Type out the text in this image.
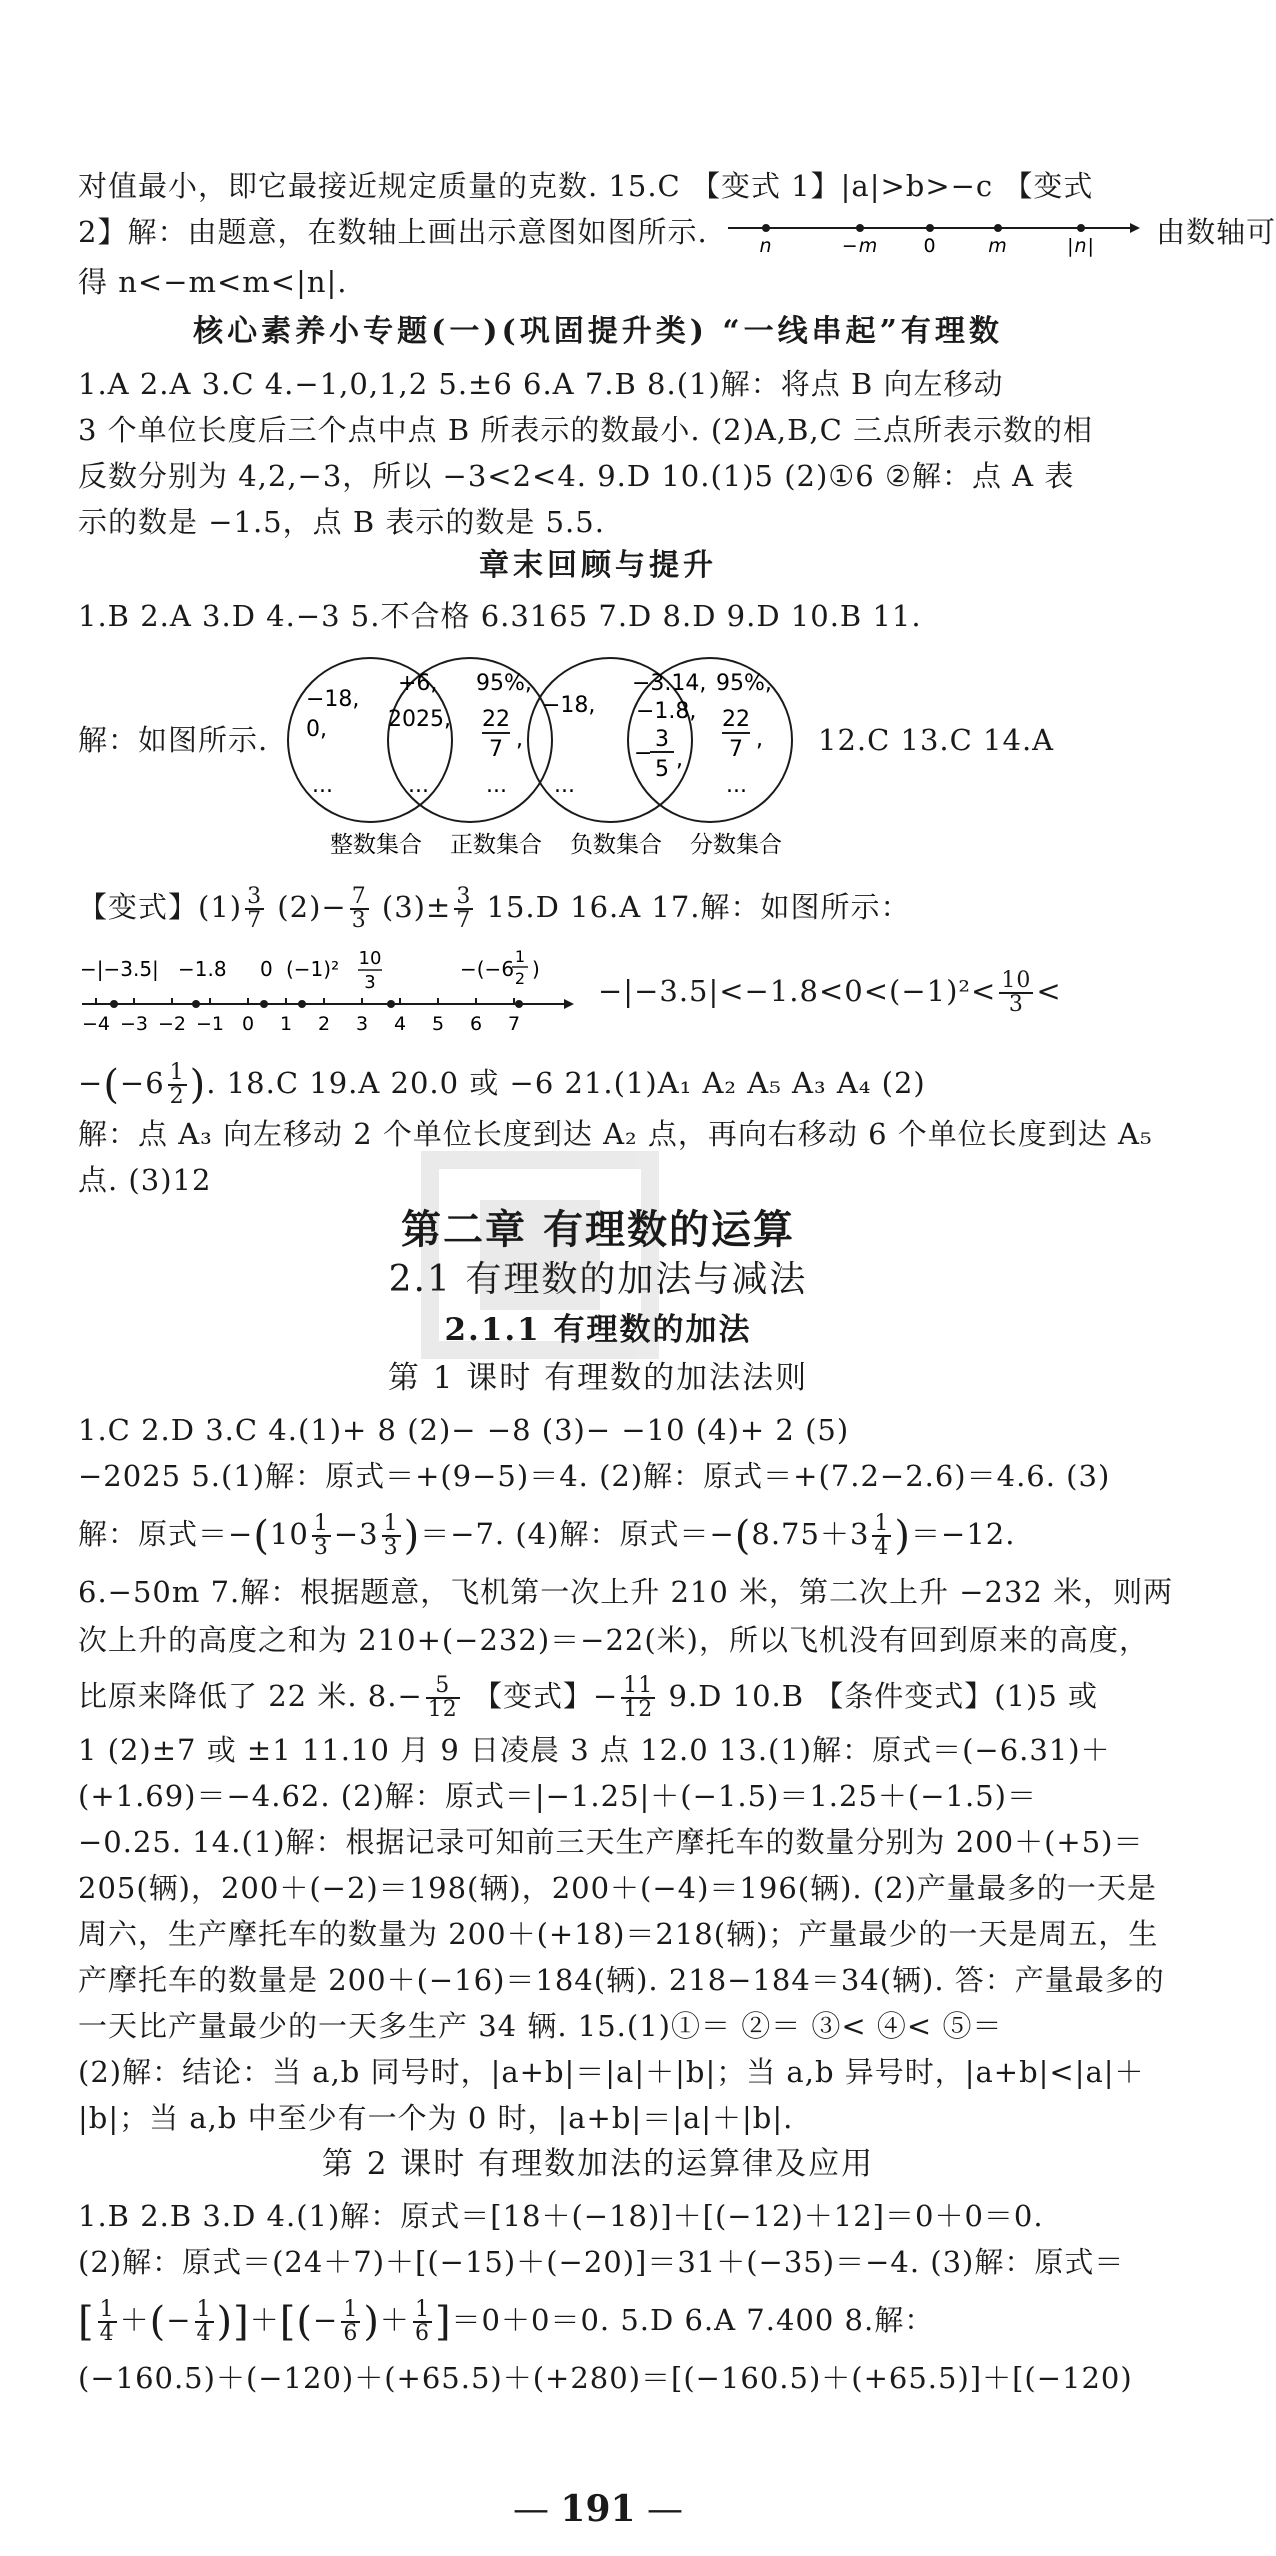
对值最小，即它最接近规定质量的克数. 15.C 【变式 1】|a|>b>−c 【变式
2】解：由题意，在数轴上画出示意图如图所示.	n	−m 0	m	|n| 由数轴可
得 n<−m<m<|n|.
核心素养小专题(一)(巩固提升类) “一线串起”有理数
1.A 2.A 3.C 4.−1,0,1,2 5.±6 6.A 7.B 8.(1)解：将点 B 向左移动
3 个单位长度后三个点中点 B 所表示的数最小. (2)A,B,C 三点所表示数的相
反数分别为 4,2,−3，所以 −3<2<4. 9.D 10.(1)5 (2)①6 ②解：点 A 表
示的数是 −1.5，点 B 表示的数是 5.5.
章末回顾与提升
1.B 2.A 3.D 4.−3 5.不合格 6.3165 7.D 8.D 9.D 10.B 11.
解：如图所示.
−18,
0,
...
+6,
2025,
...
95%,
22
7 ,
...
−18,
...
−3.14,
−1.8,
−
3
5 ,
95%,
22
7 ,
...
整数集合 正数集合 负数集合 分数集合
12.C 13.C 14.A
【变式】$(1) \frac{3}{7} (2)- \frac{7}{3} (3)\pm \frac{3}{7} 15.D$ 16.A 17.解：如图所示：
−|−3.5| −1.8 0 (−1)² 10
3
−(−6
1
2 )
−4 −3 −2 −1 0 1 2 3 4 5 6 7
$-|-3.5|<-1.8<0<(-1)^2< \frac{10}{3}$ <
$-(-6 \frac{1}{2}$ ). 18.C 19.A 20.0 或 −6 21.(1)A₁ A₂ A₅ A₃ A₄ (2)
解：点 A₃ 向左移动 2 个单位长度到达 A₂ 点，再向右移动 6 个单位长度到达 A₅
点. (3)12
第二章 有理数的运算
2.1 有理数的加法与减法
2.1.1 有理数的加法
第 1 课时 有理数的加法法则
1.C 2.D 3.C 4.(1)+ 8 (2)− −8 (3)− −10 (4)+ 2 (5)
−2025 5.(1)解：原式＝+(9−5)＝4. (2)解：原式＝+(7.2−2.6)＝4.6. (3)
解：原式$=-(10 \frac{1}{3} -3 \frac{1}{3} )=-7$. (4)解：原式$=-(8.75+3 \frac{1}{4} )=-12$.
6.−50m 7.解：根据题意，飞机第一次上升 210 米，第二次上升 −232 米，则两
次上升的高度之和为 210+(−232)＝−22(米)，所以飞机没有回到原来的高度，
比原来降低了 22 米. $8.- \frac{5}{12}$ 【变式】− $\frac{11}{12} 9.D$ 10.B 【条件变式】(1)5 或
1 (2)±7 或 ±1 11.10 月 9 日凌晨 3 点 12.0 13.(1)解：原式＝(−6.31)＋
(+1.69)＝−4.62. (2)解：原式＝|−1.25|＋(−1.5)＝1.25＋(−1.5)＝
−0.25. 14.(1)解：根据记录可知前三天生产摩托车的数量分别为 200＋(+5)＝
205(辆)，200＋(−2)＝198(辆)，200＋(−4)＝196(辆). (2)产量最多的一天是
周六，生产摩托车的数量为 200＋(+18)＝218(辆)；产量最少的一天是周五，生
产摩托车的数量是 200＋(−16)＝184(辆). 218−184＝34(辆). 答：产量最多的
一天比产量最少的一天多生产 34 辆. 15.(1)①＝ ②＝ ③< ④< ⑤＝
(2)解：结论：当 a,b 同号时，|a+b|＝|a|＋|b|；当 a,b 异号时，|a+b|<|a|＋
|b|；当 a,b 中至少有一个为 0 时，|a+b|＝|a|＋|b|.
第 2 课时 有理数加法的运算律及应用
1.B 2.B 3.D 4.(1)解：原式＝[18＋(−18)]＋[(−12)＋12]＝0＋0＝0.
(2)解：原式＝(24＋7)＋[(−15)＋(−20)]＝31＋(−35)＝−4. (3)解：原式＝
[ $\frac{1}{4}$ ＋(− $\frac{1}{4}$ )]＋[(− $\frac{1}{6}$ )＋ $\frac{1}{6} ]=0+0=0$. 5.D 6.A 7.400 8.解：
(−160.5)＋(−120)＋(+65.5)＋(+280)＝[(−160.5)＋(+65.5)]＋[(−120)
— 191 —
